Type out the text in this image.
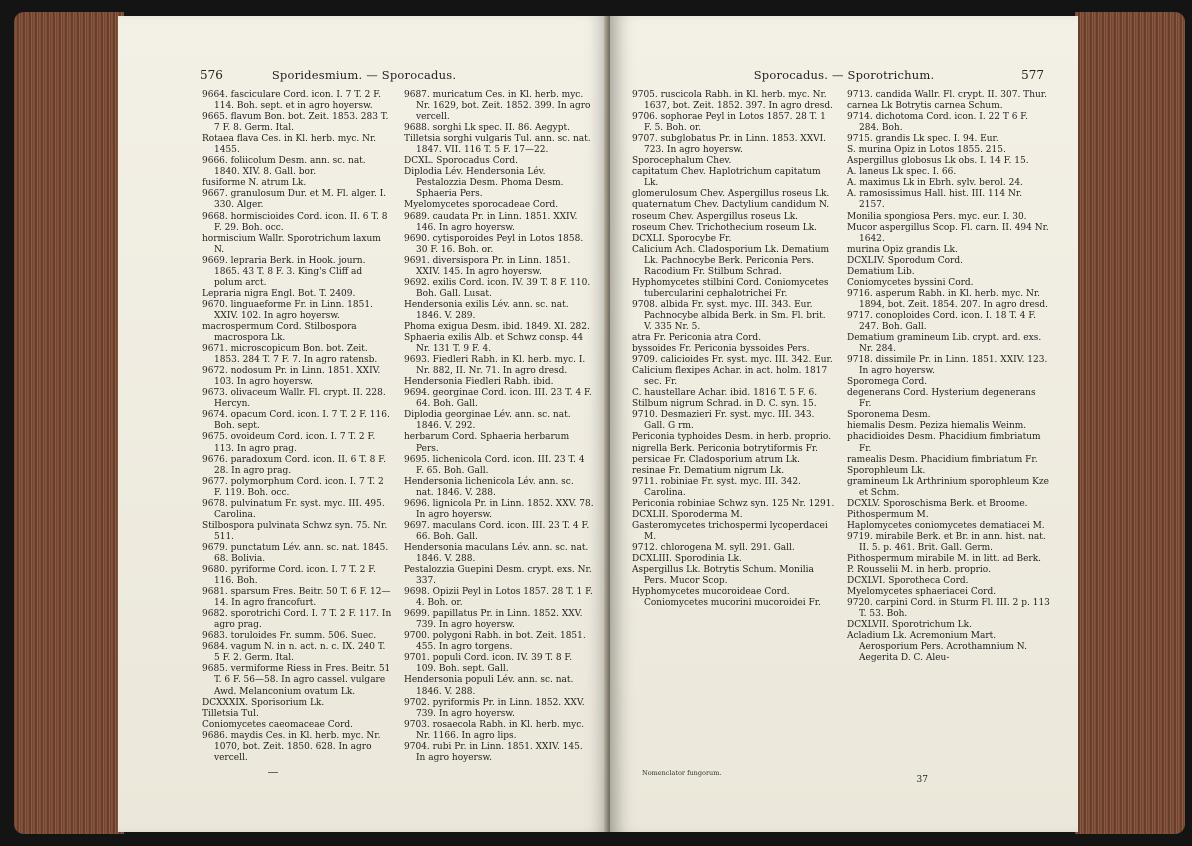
576	Sporidesmium. — Sporocadus.

9664. fasciculare Cord. icon. I. 7 T. 2 F. 114. Boh. sept. et in agro hoyersw.

9665. flavum Bon. bot. Zeit. 1853. 283 T. 7 F. 8. Germ. Ital.

Rotaea flava Ces. in Kl. herb. myc. Nr. 1455.

9666. foliicolum Desm. ann. sc. nat. 1840. XIV. 8. Gall. bor.

fusiforme N. atrum Lk.

9667. granulosum Dur. et M. Fl. alger. I. 330. Alger.

9668. hormiscioides Cord. icon. II. 6 T. 8 F. 29. Boh. occ.

hormiscium Wallr. Sporotrichum laxum N.

9669. lepraria Berk. in Hook. journ. 1865. 43 T. 8 F. 3. King's Cliff ad polum arct.

Lepraria nigra Engl. Bot. T. 2409.

9670. linguaeforme Fr. in Linn. 1851. XXIV. 102. In agro hoyersw.

macrospermum Cord. Stilbospora macrospora Lk.

9671. microscopicum Bon. bot. Zeit. 1853. 284 T. 7 F. 7. In agro ratensb.

9672. nodosum Pr. in Linn. 1851. XXIV. 103. In agro hoyersw.

9673. olivaceum Wallr. Fl. crypt. II. 228. Hercyn.

9674. opacum Cord. icon. I. 7 T. 2 F. 116. Boh. sept.

9675. ovoideum Cord. icon. I. 7 T. 2 F. 113. In agro prag.

9676. paradoxum Cord. icon. II. 6 T. 8 F. 28. In agro prag.

9677. polymorphum Cord. icon. I. 7 T. 2 F. 119. Boh. occ.

9678. pulvinatum Fr. syst. myc. III. 495. Carolina.

Stilbospora pulvinata Schwz syn. 75. Nr. 511.

9679. punctatum Lév. ann. sc. nat. 1845. 68. Bolivia.

9680. pyriforme Cord. icon. I. 7 T. 2 F. 116. Boh.

9681. sparsum Fres. Beitr. 50 T. 6 F. 12—14. In agro francofurt.

9682. sporotrichi Cord. I. 7 T. 2 F. 117. In agro prag.

9683. toruloides Fr. summ. 506. Suec.

9684. vagum N. in n. act. n. c. IX. 240 T. 5 F. 2. Germ. Ital.

9685. vermiforme Riess in Fres. Beitr. 51 T. 6 F. 56—58. In agro cassel. vulgare Awd. Melanconium ovatum Lk.

DCXXXIX. Sporisorium Lk.

Tilletsia Tul.

Coniomycetes caeomaceae Cord.

9686. maydis Ces. in Kl. herb. myc. Nr. 1070, bot. Zeit. 1850. 628. In agro vercell.

9687. muricatum Ces. in Kl. herb. myc. Nr. 1629, bot. Zeit. 1852. 399. In agro vercell.

9688. sorghi Lk spec. II. 86. Aegypt.

Tilletsia sorghi vulgaris Tul. ann. sc. nat. 1847. VII. 116 T. 5 F. 17—22.

DCXL. Sporocadus Cord.

Diplodia Lév. Hendersonia Lév. Pestalozzia Desm. Phoma Desm. Sphaeria Pers.

Myelomycetes sporocadeae Cord.

9689. caudata Pr. in Linn. 1851. XXIV. 146. In agro hoyersw.

9690. cytisporoides Peyl in Lotos 1858. 30 F. 16. Boh. or.

9691. diversispora Pr. in Linn. 1851. XXIV. 145. In agro hoyersw.

9692. exilis Cord. icon. IV. 39 T. 8 F. 110. Boh. Gall. Lusat.

Hendersonia exilis Lév. ann. sc. nat. 1846. V. 289.

Phoma exigua Desm. ibid. 1849. XI. 282.

Sphaeria exilis Alb. et Schwz consp. 44 Nr. 131 T. 9 F. 4.

9693. Fiedleri Rabh. in Kl. herb. myc. I. Nr. 882, II. Nr. 71. In agro dresd.

Hendersonia Fiedleri Rabh. ibid.

9694. georginae Cord. icon. III. 23 T. 4 F. 64. Boh. Gall.

Diplodia georginae Lév. ann. sc. nat. 1846. V. 292.

herbarum Cord. Sphaeria herbarum Pers.

9695. lichenicola Cord. icon. III. 23 T. 4 F. 65. Boh. Gall.

Hendersonia lichenicola Lév. ann. sc. nat. 1846. V. 288.

9696. lignicola Pr. in Linn. 1852. XXV. 78. In agro hoyersw.

9697. maculans Cord. icon. III. 23 T. 4 F. 66. Boh. Gall.

Hendersonia maculans Lév. ann. sc. nat. 1846. V. 288.

Pestalozzia Guepini Desm. crypt. exs. Nr. 337.

9698. Opizii Peyl in Lotos 1857. 28 T. 1 F. 4. Boh. or.

9699. papillatus Pr. in Linn. 1852. XXV. 739. In agro hoyersw.

9700. polygoni Rabh. in bot. Zeit. 1851. 455. In agro torgens.

9701. populi Cord. icon. IV. 39 T. 8 F. 109. Boh. sept. Gall.

Hendersonia populi Lév. ann. sc. nat. 1846. V. 288.

9702. pyriformis Pr. in Linn. 1852. XXV. 739. In agro hoyersw.

9703. rosaecola Rabh. in Kl. herb. myc. Nr. 1166. In agro lips.

9704. rubi Pr. in Linn. 1851. XXIV. 145. In agro hoyersw.

Sporocadus. — Sporotrichum.	577

9705. ruscicola Rabh. in Kl. herb. myc. Nr. 1637, bot. Zeit. 1852. 397. In agro dresd.

9706. sophorae Peyl in Lotos 1857. 28 T. 1 F. 5. Boh. or.

9707. subglobatus Pr. in Linn. 1853. XXVI. 723. In agro hoyersw.

Sporocephalum Chev.

capitatum Chev. Haplotrichum capitatum Lk.

glomerulosum Chev. Aspergillus roseus Lk.

quaternatum Chev. Dactylium candidum N.

roseum Chev. Aspergillus roseus Lk.

roseum Chev. Trichothecium roseum Lk.

DCXLI. Sporocybe Fr.

Calicium Ach. Cladosporium Lk. Dematium Lk. Pachnocybe Berk. Periconia Pers. Racodium Fr. Stilbum Schrad.

Hyphomycetes stilbini Cord. Coniomycetes tubercularini cephalotrichei Fr.

9708. albida Fr. syst. myc. III. 343. Eur. Pachnocybe albida Berk. in Sm. Fl. brit. V. 335 Nr. 5.

atra Fr. Periconia atra Cord.

byssoides Fr. Periconia byssoides Pers.

9709. calicioides Fr. syst. myc. III. 342. Eur.

Calicium flexipes Achar. in act. holm. 1817 sec. Fr.

C. haustellare Achar. ibid. 1816 T. 5 F. 6.

Stilbum nigrum Schrad. in D. C. syn. 15.

9710. Desmazieri Fr. syst. myc. III. 343. Gall. G rm.

Periconia typhoides Desm. in herb. proprio.

nigrella Berk. Periconia botrytiformis Fr.

persicae Fr. Cladosporium atrum Lk.

resinae Fr. Dematium nigrum Lk.

9711. robiniae Fr. syst. myc. III. 342. Carolina.

Periconia robiniae Schwz syn. 125 Nr. 1291.

DCXLII. Sporoderma M.

Gasteromycetes trichospermi lycoperdacei M.

9712. chlorogena M. syll. 291. Gall.

DCXLIII. Sporodinia Lk.

Aspergillus Lk. Botrytis Schum. Monilia Pers. Mucor Scop.

Hyphomycetes mucoroideae Cord. Coniomycetes mucorini mucoroidei Fr.

9713. candida Wallr. Fl. crypt. II. 307. Thur.

carnea Lk Botrytis carnea Schum.

9714. dichotoma Cord. icon. I. 22 T 6 F. 284. Boh.

9715. grandis Lk spec. I. 94. Eur.

S. murina Opiz in Lotos 1855. 215.

Aspergillus globosus Lk obs. I. 14 F. 15.

A. laneus Lk spec. I. 66.

A. maximus Lk in Ebrh. sylv. berol. 24.

A. ramosissimus Hall. hist. III. 114 Nr. 2157.

Monilia spongiosa Pers. myc. eur. I. 30.

Mucor aspergillus Scop. Fl. carn. II. 494 Nr. 1642.

murina Opiz grandis Lk.

DCXLIV. Sporodum Cord.

Dematium Lib.

Coniomycetes byssini Cord.

9716. asperum Rabh. in Kl. herb. myc. Nr. 1894, bot. Zeit. 1854. 207. In agro dresd.

9717. conoploides Cord. icon. I. 18 T. 4 F. 247. Boh. Gall.

Dematium gramineum Lib. crypt. ard. exs. Nr. 284.

9718. dissimile Pr. in Linn. 1851. XXIV. 123. In agro hoyersw.

Sporomega Cord.

degenerans Cord. Hysterium degenerans Fr.

Sporonema Desm.

hiemalis Desm. Peziza hiemalis Weinm.

phacidioides Desm. Phacidium fimbriatum Fr.

ramealis Desm. Phacidium fimbriatum Fr.

Sporophleum Lk.

gramineum Lk Arthrinium sporophleum Kze et Schm.

DCXLV. Sporoschisma Berk. et Broome.

Pithospermum M.

Haplomycetes coniomycetes dematiacei M.

9719. mirabile Berk. et Br. in ann. hist. nat. II. 5. p. 461. Brit. Gall. Germ.

Pithospermum mirabile M. in litt. ad Berk.

P. Rousselii M. in herb. proprio.

DCXLVI. Sporotheca Cord.

Myelomycetes sphaeriacei Cord.

9720. carpini Cord. in Sturm Fl. III. 2 p. 113 T. 53. Boh.

DCXLVII. Sporotrichum Lk.

Acladium Lk. Acremonium Mart. Aerosporium Pers. Acrothamnium N. Aegerita D. C. Aleu-

Nomenclator fungorum.
37
